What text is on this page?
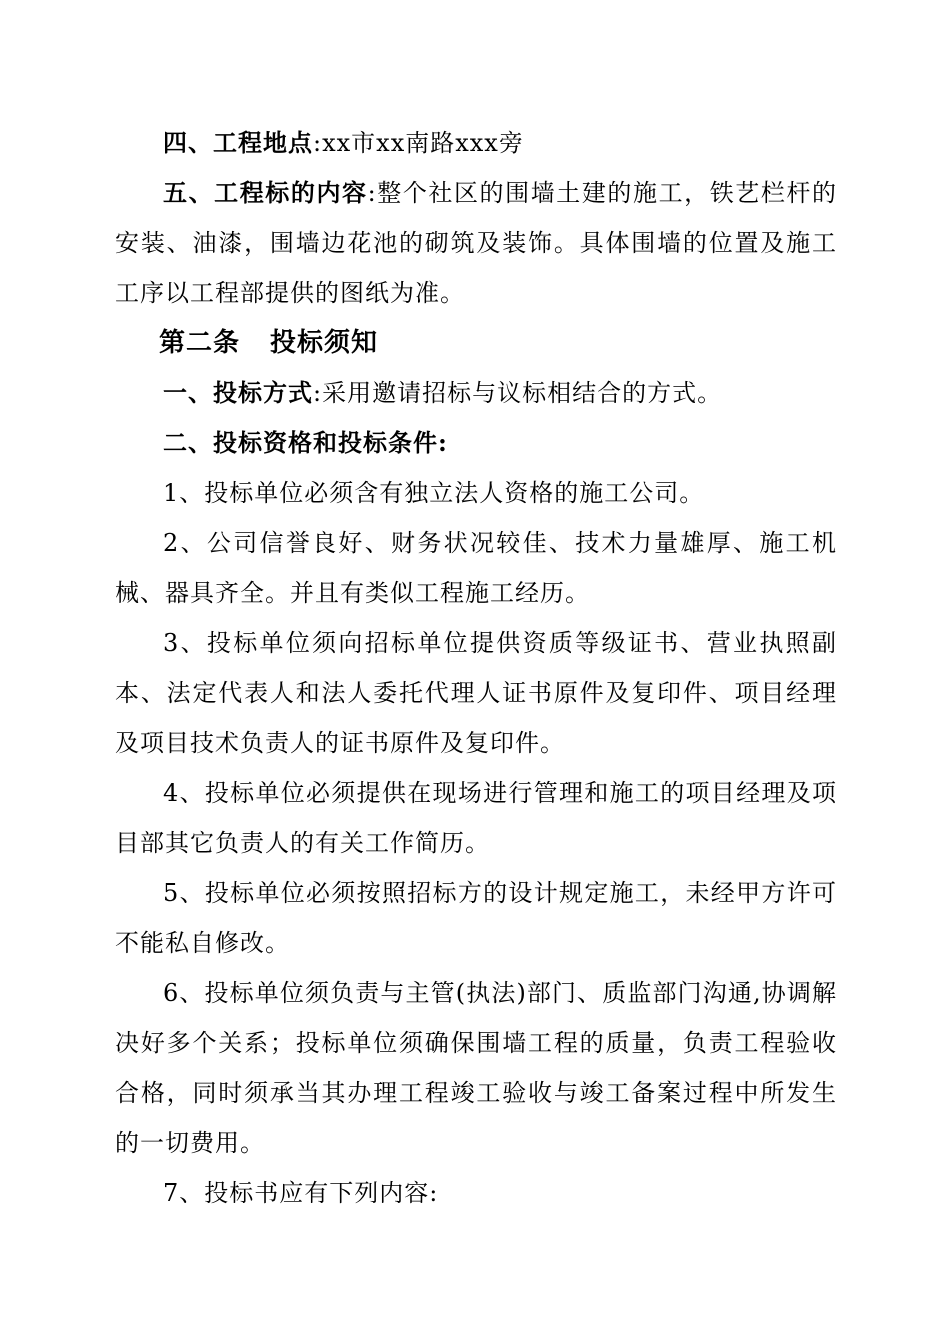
四、工程地点:xx市xx南路xxx旁

五、工程标的内容:整个社区的围墙土建的施工，铁艺栏杆的安装、油漆，围墙边花池的砌筑及装饰。具体围墙的位置及施工工序以工程部提供的图纸为准。

第二条 投标须知

一、投标方式:采用邀请招标与议标相结合的方式。

二、投标资格和投标条件:

1、投标单位必须含有独立法人资格的施工公司。

2、公司信誉良好、财务状况较佳、技术力量雄厚、施工机械、器具齐全。并且有类似工程施工经历。

3、投标单位须向招标单位提供资质等级证书、营业执照副本、法定代表人和法人委托代理人证书原件及复印件、项目经理及项目技术负责人的证书原件及复印件。

4、投标单位必须提供在现场进行管理和施工的项目经理及项目部其它负责人的有关工作简历。

5、投标单位必须按照招标方的设计规定施工，未经甲方许可不能私自修改。

6、投标单位须负责与主管(执法)部门、质监部门沟通,协调解决好多个关系；投标单位须确保围墙工程的质量，负责工程验收合格，同时须承当其办理工程竣工验收与竣工备案过程中所发生的一切费用。

7、投标书应有下列内容:
